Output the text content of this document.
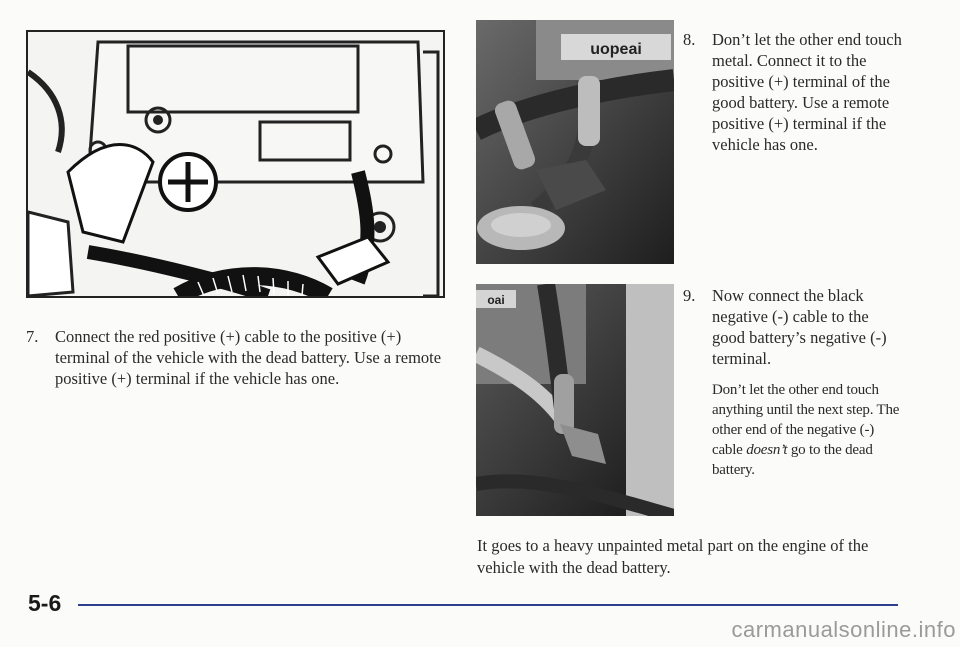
uopeai
oai
7. Connect the red positive (+) cable to the positive (+) terminal of the vehicle with the dead battery. Use a remote positive (+) terminal if the vehicle has one.

8. Don’t let the other end touch metal. Connect it to the positive (+) terminal of the good battery. Use a remote positive (+) terminal if the vehicle has one.

9. Now connect the black negative (-) cable to the good battery’s negative (-) terminal.

Don’t let the other end touch anything until the next step. The other end of the negative (-) cable doesn’t go to the dead battery.

It goes to a heavy unpainted metal part on the engine of the vehicle with the dead battery.

5-6
carmanualsonline.info
